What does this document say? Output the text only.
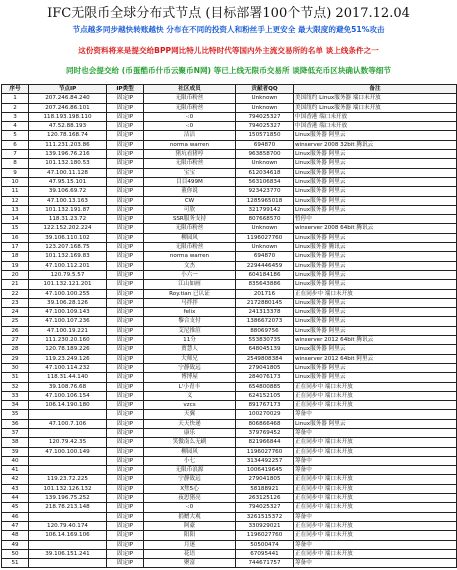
IFC无限币全球分布式节点 (目标部署100个节点) 2017.12.04
节点越多同步越快转账越快 分布在不同的投资人和粉丝手上更安全 最大限度的避免51%攻击
这份资料将来是提交给BPP网比特儿比特时代等国内外主流交易所的名单 谈上线条件之一
同时也会提交给 (币蛋酷币什币云聚币N网) 等已上线无限币交易所 谈降低充币区块确认数等细节
序号	节点IP	IP类型	社区成员	贡献者QQ	备注
1	207.246.84.240	固定IP	无限币粉丝	Unknown	美国纽约 Linux服务器 端口未开放
2	207.246.86.101	固定IP	无限币粉丝	Unknown	美国纽约 Linux服务器 端口未开放
3	118.193.198.110	固定IP	-:0	794025327	中国香港 端口未开放
4	47.52.88.193	固定IP	-:0	794025327	中国香港 端口未开放
5	120.78.168.74	固定IP	洁洁	150571850	Linux服务器 阿里云
6	111.231.203.86	固定IP	norma warren	694870	winserver 2008 32bit 腾讯云
7	139.196.76.216	固定IP	猪坑看猪哼	963858700	Linux服务器 阿里云
8	101.132.180.53	固定IP	无限币粉丝	Unknown	Linux服务器 阿里云
9	47.100.11.128	固定IP	宝宝	612034618	Linux服务器 阿里云
10	47.95.15.101	固定IP	目目499M	563106834	Linux服务器 阿里云
11	39.106.69.72	固定IP	董你说	923423770	Linux服务器 阿里云
12	47.100.13.163	固定IP	CW	1285965018	Linux服务器 阿里云
13	101.132.191.87	固定IP	可欣	321799142	Linux服务器 阿里云
14	118.31.23.72	固定IP	SSR服务支持	807668570	暂停中
15	122.152.202.224	固定IP	无限币粉丝	Unknown	winserver 2008 64bit 腾讯云
16	39.106.110.102	固定IP	柳园风	1196027760	Linux服务器 阿里云
17	123.207.168.75	固定IP	无限币粉丝	Unknown	Linux服务器 腾讯云
18	101.132.169.83	固定IP	norma warren	694870	Linux服务器 阿里云
19	47.100.112.201	固定IP	文杰	2294446459	Linux服务器 阿里云
20	120.79.5.57	固定IP	小六一	604184186	Linux服务器 阿里云
21	101.132.121.201	固定IP	江山如画	835643886	Linux服务器 阿里云
22	47.100.100.255	固定IP	Roy.tian 已认证	201716	正在同步中 端口未开放
23	39.106.28.126	固定IP	马拌拌	2172880145	Linux服务器 阿里云
24	47.100.109.143	固定IP	felix	241313378	Linux服务器 阿里云
25	47.100.107.236	固定IP	黎合支付	1386672073	Linux服务器 阿里云
26	47.100.19.221	固定IP	艾尼推渲	88069756	Linux服务器 阿里云
27	111.230.20.160	固定IP	11分	553830735	winserver 2012 64bit 腾讯云
28	120.78.189.226	固定IP	贾慧人	648045139	Linux服务器 阿里云
29	119.23.249.126	固定IP	大师兄	2549808384	winserver 2012 64bit 阿里云
30	47.100.114.232	固定IP	宁静致远	279041805	Linux服务器 阿里云
31	118.31.44.140	固定IP	博博屋	284076173	Linux服务器 阿里云
32	39.108.76.68	固定IP	L'小青丰	654800885	正在同步中 端口未开放
33	47.100.106.154	固定IP	义	624152105	正在同步中 端口未开放
34	106.14.190.180	固定IP	vzcs	891767173	正在同步中 端口未开放
35		固定IP	天翼	100270029	筹备中
36	47.100.7.106	固定IP	天天快递	806866468	Linux服务器 阿里云
37		固定IP	康乐	379769452	筹备中
38	120.79.42.35	固定IP	笑傲南么无刷	821966844	正在同步中 端口未开放
39	47.100.100.149	固定IP	柳园风	1196027760	正在同步中 端口未开放
40		固定IP	小七	3134492257	筹备中
41		固定IP	无限币浪源	1006419645	筹备中
42	119.23.72.225	固定IP	宁静致远	279041805	正在同步中 端口未开放
43	101.132.126.132	固定IP	X焦5心	58188921	正在同步中 端口未开放
44	139.196.75.252	固定IP	夜思猪亮	263125126	正在同步中 端口未开放
45	218.78.213.148	固定IP	-:0	794025327	正在同步中 端口未开放
46		固定IP	捐赠大观	3261515372	筹备中
47	120.79.40.174	固定IP	阿豪	330929021	正在同步中 端口未开放
48	106.14.169.106	固定IP	阳阳	1196027760	正在同步中 端口未开放
49		固定IP	月迷	50500474	筹备中
50	39.106.151.241	固定IP	花语	67095441	正在同步中 端口未开放
51		固定IP	聚富	744671757	筹备中
